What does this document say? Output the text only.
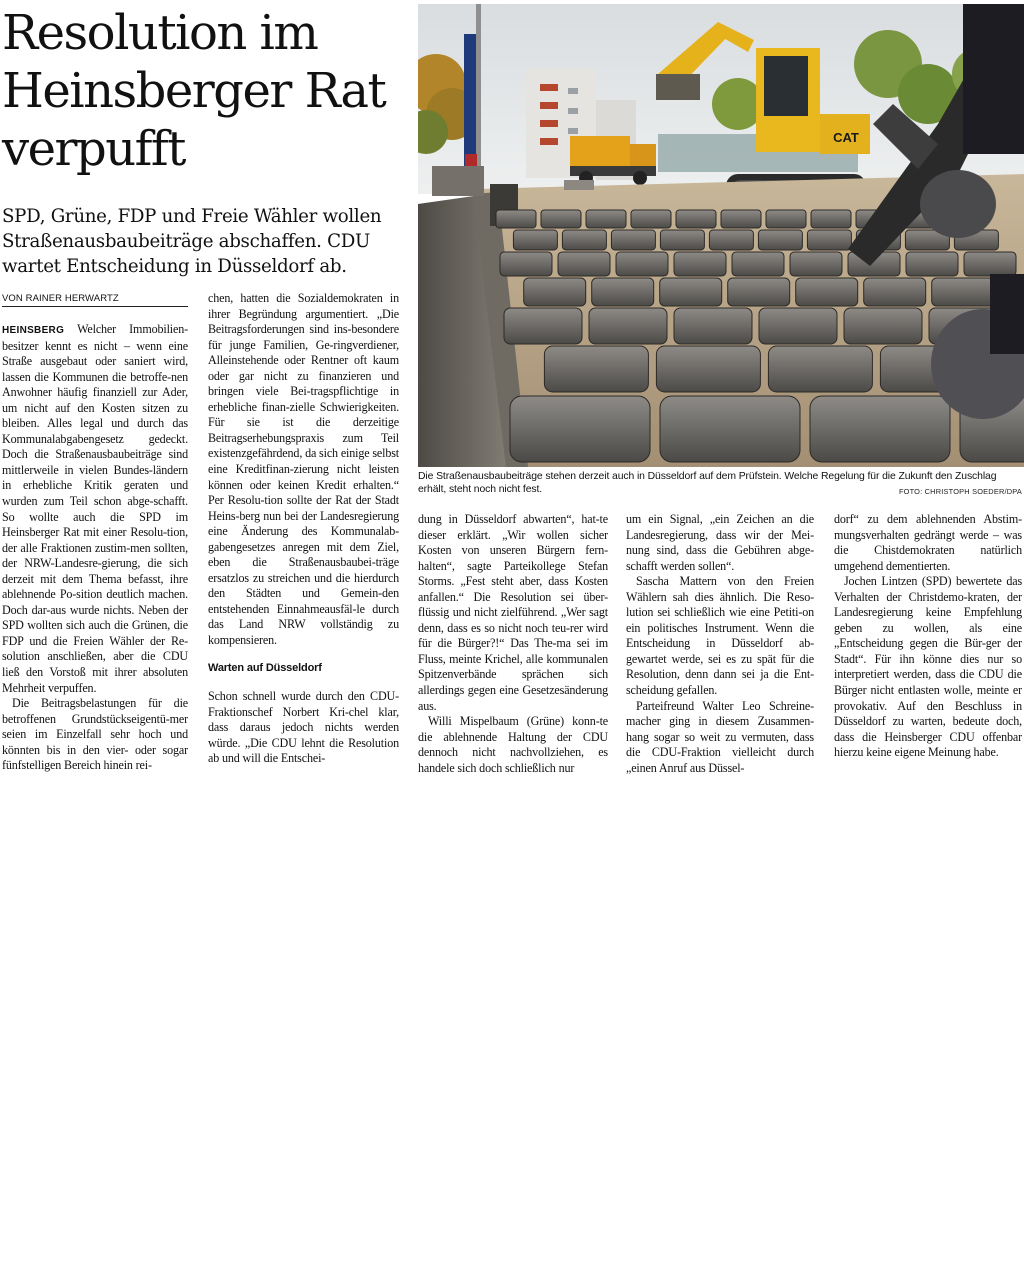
Resolution im Heinsberger Rat verpufft

SPD, Grüne, FDP und Freie Wähler wollen Straßenausbaubeiträge abschaffen. CDU wartet Entscheidung in Düsseldorf ab.

VON RAINER HERWARTZ

HEINSBERG Welcher Immobilien-besitzer kennt es nicht – wenn eine Straße ausgebaut oder saniert wird, lassen die Kommunen die betroffe-nen Anwohner häufig finanziell zur Ader, um nicht auf den Kosten sitzen zu bleiben. Alles legal und durch das Kommunalabgabengesetz gedeckt. Doch die Straßenausbaubeiträge sind mittlerweile in vielen Bundes-ländern in erhebliche Kritik geraten und wurden zum Teil schon abge-schafft. So wollte auch die SPD im Heinsberger Rat mit einer Resolu-tion, der alle Fraktionen zustim-men sollten, der NRW-Landesre-gierung, die sich derzeit mit dem Thema befasst, ihre ablehnende Po-sition deutlich machen. Doch dar-aus wurde nichts. Neben der SPD wollten sich auch die Grünen, die FDP und die Freien Wähler der Re-solution anschließen, aber die CDU ließ den Vorstoß mit ihrer absoluten Mehrheit verpuffen.

Die Beitragsbelastungen für die betroffenen Grundstückseigentü-mer seien im Einzelfall sehr hoch und könnten bis in den vier- oder sogar fünfstelligen Bereich hinein rei-

chen, hatten die Sozialdemokraten in ihrer Begründung argumentiert. „Die Beitragsforderungen sind ins-besondere für junge Familien, Ge-ringverdiener, Alleinstehende oder Rentner oft kaum oder gar nicht zu finanzieren und bringen viele Bei-tragspflichtige in erhebliche finan-zielle Schwierigkeiten. Für sie ist die derzeitige Beitragserhebungspraxis zum Teil existenzgefährdend, da sich einige selbst eine Kreditfinan-zierung nicht leisten können oder keinen Kredit erhalten.“ Per Resolu-tion sollte der Rat der Stadt Heins-berg nun bei der Landesregierung eine Änderung des Kommunalab-gabengesetzes anregen mit dem Ziel, eben die Straßenausbaubei-träge ersatzlos zu streichen und die hierdurch den Städten und Gemein-den entstehenden Einnahmeausfäl-le durch das Land NRW vollständig zu kompensieren.

Warten auf Düsseldorf

Schon schnell wurde durch den CDU-Fraktionschef Norbert Kri-chel klar, dass daraus jedoch nichts werden würde. „Die CDU lehnt die Resolution ab und will die Entschei-

dung in Düsseldorf abwarten“, hat-te dieser erklärt. „Wir wollen sicher Kosten von unseren Bürgern fern-halten“, sagte Parteikollege Stefan Storms. „Fest steht aber, dass Kosten anfallen.“ Die Resolution sei über-flüssig und nicht zielführend. „Wer sagt denn, dass es so nicht noch teu-rer wird für die Bürger?!“ Das The-ma sei im Fluss, meinte Krichel, alle kommunalen Spitzenverbände sprächen sich allerdings gegen eine Gesetzesänderung aus.

Willi Mispelbaum (Grüne) konn-te die ablehnende Haltung der CDU dennoch nicht nachvollziehen, es handele sich doch schließlich nur

um ein Signal, „ein Zeichen an die Landesregierung, dass wir der Mei-nung sind, dass die Gebühren abge-schafft werden sollen“.

Sascha Mattern von den Freien Wählern sah dies ähnlich. Die Reso-lution sei schließlich wie eine Petiti-on ein politisches Instrument. Wenn die Entscheidung in Düsseldorf ab-gewartet werde, sei es zu spät für die Resolution, denn dann sei ja die Ent-scheidung gefallen.

Parteifreund Walter Leo Schreine-macher ging in diesem Zusammen-hang sogar so weit zu vermuten, dass die CDU-Fraktion vielleicht durch „einen Anruf aus Düssel-

dorf“ zu dem ablehnenden Abstim-mungsverhalten gedrängt werde – was die Chistdemokraten natürlich umgehend dementierten.

Jochen Lintzen (SPD) bewertete das Verhalten der Christdemo-kraten, der Landesregierung keine Empfehlung geben zu wollen, als eine „Entscheidung gegen die Bür-ger der Stadt“. Für ihn könne dies nur so interpretiert werden, dass die CDU die Bürger nicht entlasten wolle, meinte er provokativ. Auf den Beschluss in Düsseldorf zu warten, bedeute doch, dass die Heinsberger CDU offenbar hierzu keine eigene Meinung habe.

CAT

Die Straßenausbaubeiträge stehen derzeit auch in Düsseldorf auf dem Prüfstein. Welche Regelung für die Zukunft den Zuschlag erhält, steht noch nicht fest.	FOTO: CHRISTOPH SOEDER/DPA
